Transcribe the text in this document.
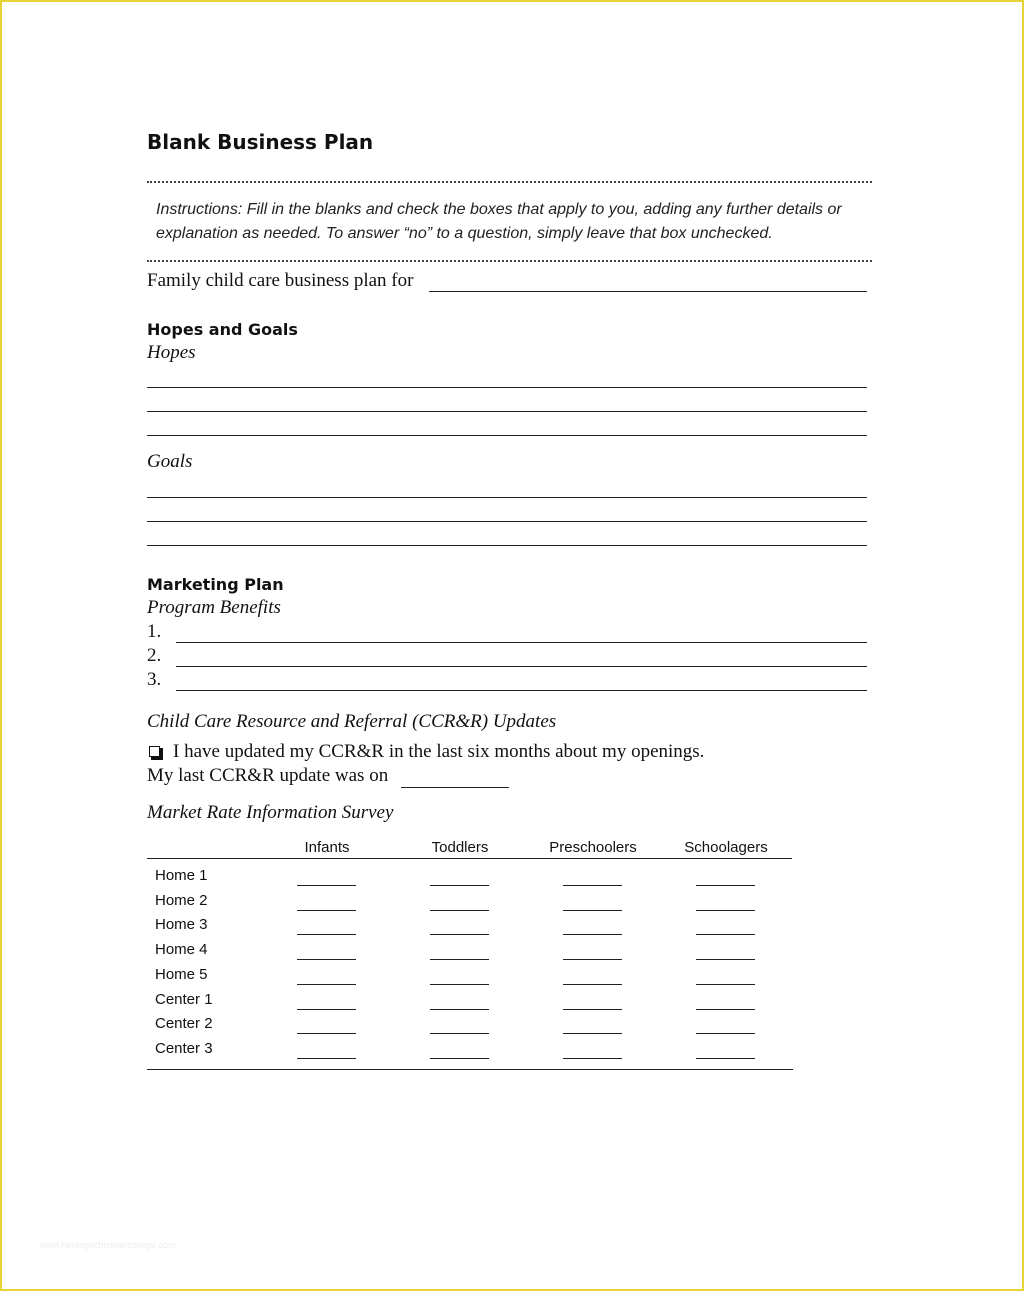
Blank Business Plan
Instructions: Fill in the blanks and check the boxes that apply to you, adding any further details or explanation as needed. To answer “no” to a question, simply leave that box unchecked.
Family child care business plan for
Hopes and Goals
Hopes
Goals
Marketing Plan
Program Benefits
1.
2.
3.
Child Care Resource and Referral (CCR&R) Updates
I have updated my CCR&R in the last six months about my openings.
My last CCR&R update was on
Market Rate Information Survey
Infants	Toddlers	Preschoolers	Schoolagers
Home 1
Home 2
Home 3
Home 4
Home 5
Center 1
Center 2
Center 3
www.heritagechristiancollege.com
